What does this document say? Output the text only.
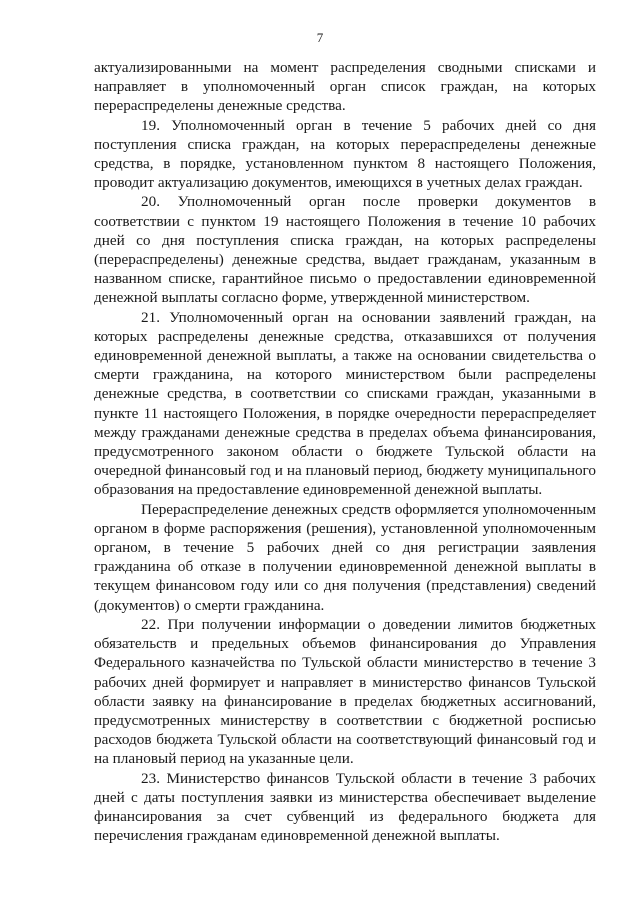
7

актуализированными на момент распределения сводными списками и направляет в уполномоченный орган список граждан, на которых перераспределены денежные средства.

19. Уполномоченный орган в течение 5 рабочих дней со дня поступления списка граждан, на которых перераспределены денежные средства, в порядке, установленном пунктом 8 настоящего Положения, проводит актуализацию документов, имеющихся в учетных делах граждан.

20. Уполномоченный орган после проверки документов в соответствии с пунктом 19 настоящего Положения в течение 10 рабочих дней со дня поступления списка граждан, на которых распределены (перераспределены) денежные средства, выдает гражданам, указанным в названном списке, гарантийное письмо о предоставлении единовременной денежной выплаты согласно форме, утвержденной министерством.

21. Уполномоченный орган на основании заявлений граждан, на которых распределены денежные средства, отказавшихся от получения единовременной денежной выплаты, а также на основании свидетельства о смерти гражданина, на которого министерством были распределены денежные средства, в соответствии со списками граждан, указанными в пункте 11 настоящего Положения, в порядке очередности перераспределяет между гражданами денежные средства в пределах объема финансирования, предусмотренного законом области о бюджете Тульской области на очередной финансовый год и на плановый период, бюджету муниципального образования на предоставление единовременной денежной выплаты.

Перераспределение денежных средств оформляется уполномоченным органом в форме распоряжения (решения), установленной уполномоченным органом, в течение 5 рабочих дней со дня регистрации заявления гражданина об отказе в получении единовременной денежной выплаты в текущем финансовом году или со дня получения (представления) сведений (документов) о смерти гражданина.

22. При получении информации о доведении лимитов бюджетных обязательств и предельных объемов финансирования до Управления Федерального казначейства по Тульской области министерство в течение 3 рабочих дней формирует и направляет в министерство финансов Тульской области заявку на финансирование в пределах бюджетных ассигнований, предусмотренных министерству в соответствии с бюджетной росписью расходов бюджета Тульской области на соответствующий финансовый год и на плановый период на указанные цели.

23. Министерство финансов Тульской области в течение 3 рабочих дней с даты поступления заявки из министерства обеспечивает выделение финансирования за счет субвенций из федерального бюджета для перечисления гражданам единовременной денежной выплаты.
